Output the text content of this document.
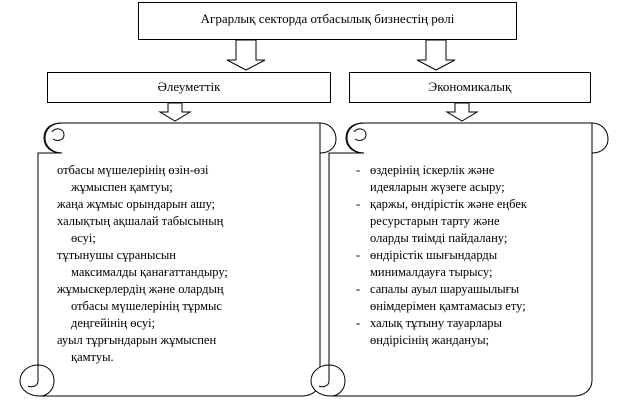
Аграрлық секторда отбасылық бизнестің рөлі
Әлеуметтік	Экономикалық
отбасы мүшелерінің өзін-өзі
жұмыспен қамтуы;
жаңа жұмыс орындарын ашу;
халықтың ақшалай табысының
өсуі;
тұтынушы сұранысын
максималды қанағаттандыру;
жұмыскерлердің және олардың
отбасы мүшелерінің тұрмыс
деңгейінің өсуі;
ауыл тұрғындарын жұмыспен
қамтуы.
- өздерінің іскерлік және
идеяларын жүзеге асыру;
- қаржы, өндірістік және еңбек
ресурстарын тарту және
оларды тиімді пайдалану;
- өндірістік шығындарды
минималдауға тырысу;
- сапалы ауыл шаруашылығы
өнімдерімен қамтамасыз ету;
- халық тұтыну тауарлары
өндірісінің жандануы;
